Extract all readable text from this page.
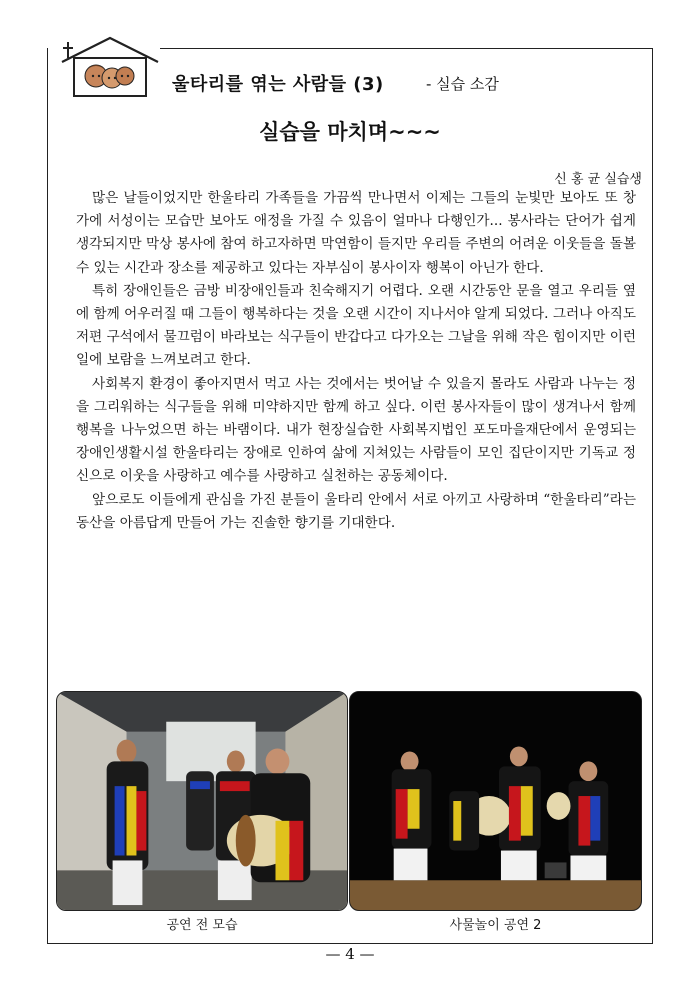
울타리를 엮는 사람들 (3)	- 실습 소감
실습을 마치며~~~
신 홍 균 실습생

많은 날들이었지만 한울타리 가족들을 가끔씩 만나면서 이제는 그들의 눈빛만 보아도 또 창가에 서성이는 모습만 보아도 애정을 가질 수 있음이 얼마나 다행인가... 봉사라는 단어가 쉽게 생각되지만 막상 봉사에 참여 하고자하면 막연함이 들지만 우리들 주변의 어려운 이웃들을 돌볼 수 있는 시간과 장소를 제공하고 있다는 자부심이 봉사이자 행복이 아닌가 한다.

특히 장애인들은 금방 비장애인들과 친숙해지기 어렵다. 오랜 시간동안 문을 열고 우리들 옆에 함께 어우러질 때 그들이 행복하다는 것을 오랜 시간이 지나서야 알게 되었다. 그러나 아직도 저편 구석에서 물끄럼이 바라보는 식구들이 반갑다고 다가오는 그날을 위해 작은 힘이지만 이런 일에 보람을 느껴보려고 한다.

사회복지 환경이 좋아지면서 먹고 사는 것에서는 벗어날 수 있을지 몰라도 사람과 나누는 정을 그리워하는 식구들을 위해 미약하지만 함께 하고 싶다. 이런 봉사자들이 많이 생겨나서 함께 행복을 나누었으면 하는 바램이다. 내가 현장실습한 사회복지법인 포도마을재단에서 운영되는 장애인생활시설 한울타리는 장애로 인하여 삶에 지쳐있는 사람들이 모인 집단이지만 기독교 정신으로 이웃을 사랑하고 예수를 사랑하고 실천하는 공동체이다.

앞으로도 이들에게 관심을 가진 분들이 울타리 안에서 서로 아끼고 사랑하며 “한울타리”라는 동산을 아름답게 만들어 가는 진솔한 향기를 기대한다.

공연 전 모습	사물놀이 공연 2
— 4 —
